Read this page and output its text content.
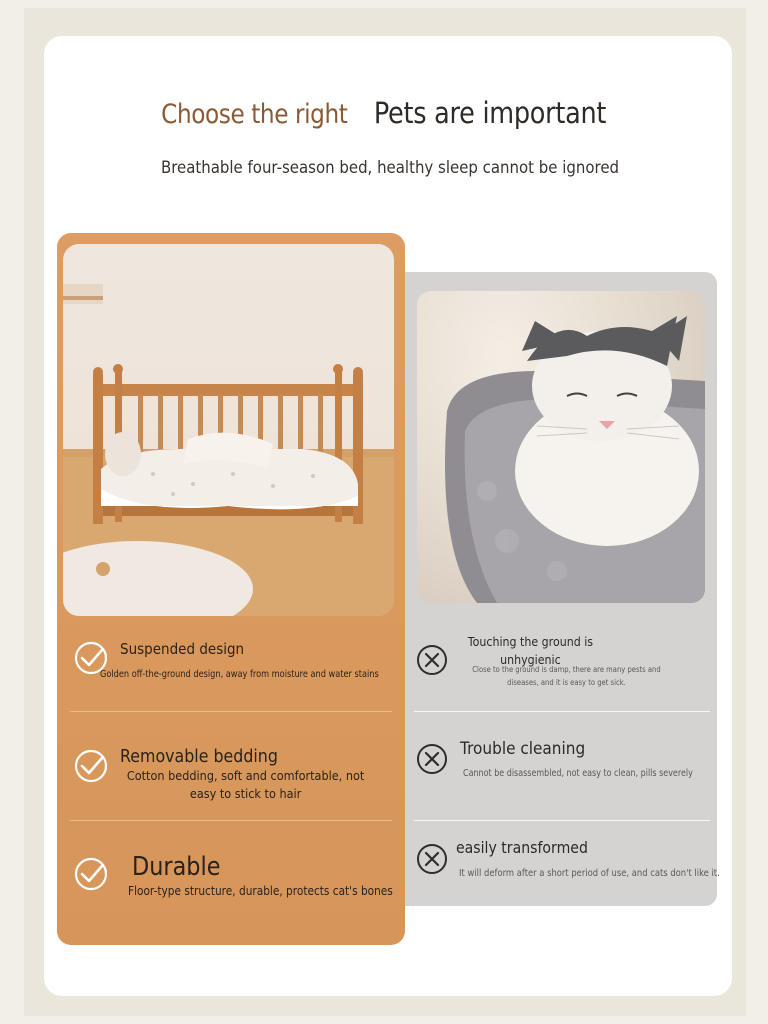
Choose the right Pets are important
Breathable four-season bed, healthy sleep cannot be ignored
Suspended design
Golden off-the-ground design, away from moisture and water stains
Removable bedding
Cotton bedding, soft and comfortable, not easy to stick to hair
Durable
Floor-type structure, durable, protects cat's bones
Touching the ground is unhygienic
Close to the ground is damp, there are many pests and diseases, and it is easy to get sick.
Trouble cleaning
Cannot be disassembled, not easy to clean, pills severely
easily transformed
It will deform after a short period of use, and cats don't like it.
